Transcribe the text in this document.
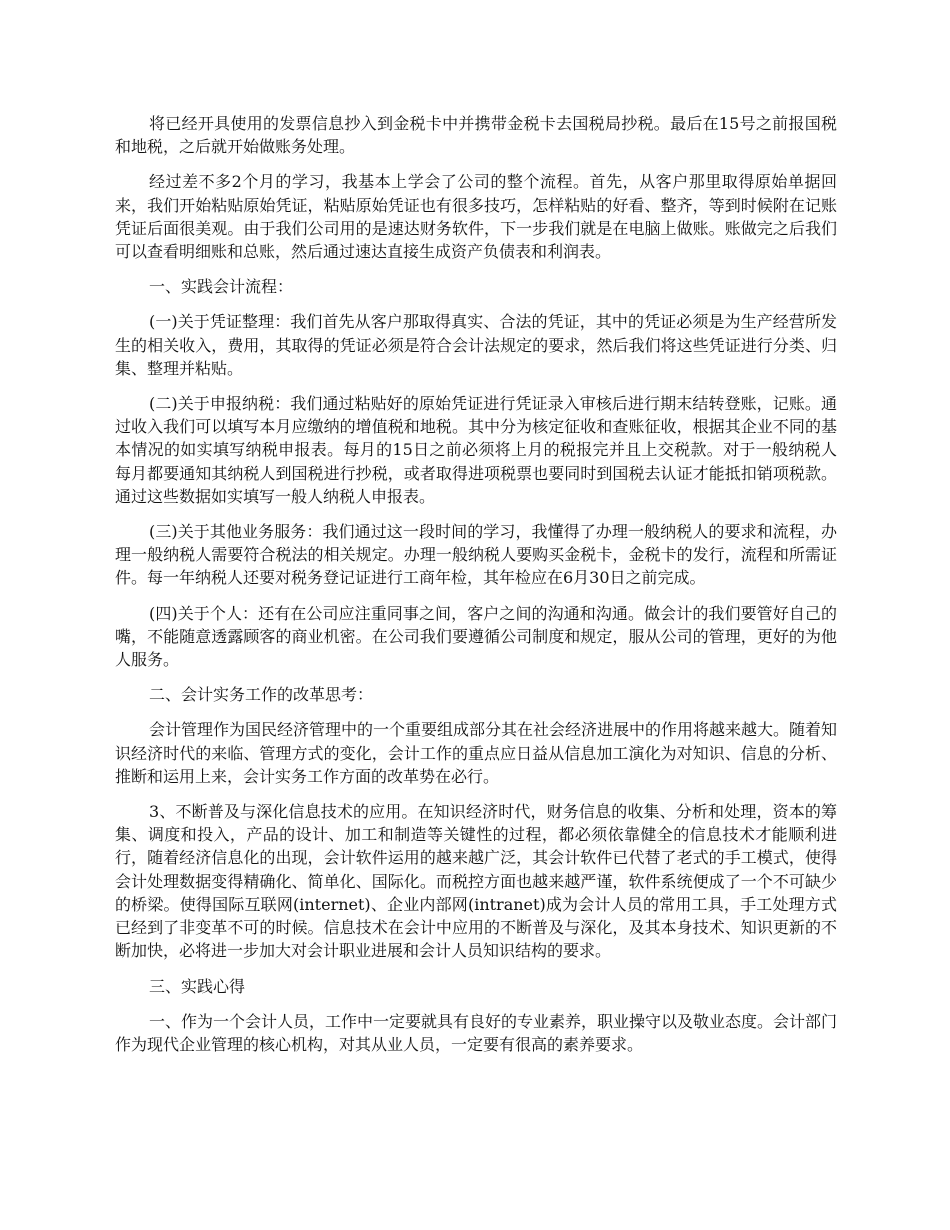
将已经开具使用的发票信息抄入到金税卡中并携带金税卡去国税局抄税。最后在15号之前报国税和地税，之后就开始做账务处理。

经过差不多2个月的学习，我基本上学会了公司的整个流程。首先，从客户那里取得原始单据回来，我们开始粘贴原始凭证，粘贴原始凭证也有很多技巧，怎样粘贴的好看、整齐，等到时候附在记账凭证后面很美观。由于我们公司用的是速达财务软件，下一步我们就是在电脑上做账。账做完之后我们可以查看明细账和总账，然后通过速达直接生成资产负债表和利润表。

一、实践会计流程：

(一)关于凭证整理：我们首先从客户那取得真实、合法的凭证，其中的凭证必须是为生产经营所发生的相关收入，费用，其取得的凭证必须是符合会计法规定的要求，然后我们将这些凭证进行分类、归集、整理并粘贴。

(二)关于申报纳税：我们通过粘贴好的原始凭证进行凭证录入审核后进行期末结转登账，记账。通过收入我们可以填写本月应缴纳的增值税和地税。其中分为核定征收和查账征收，根据其企业不同的基本情况的如实填写纳税申报表。每月的15日之前必须将上月的税报完并且上交税款。对于一般纳税人每月都要通知其纳税人到国税进行抄税，或者取得进项税票也要同时到国税去认证才能抵扣销项税款。通过这些数据如实填写一般人纳税人申报表。

(三)关于其他业务服务：我们通过这一段时间的学习，我懂得了办理一般纳税人的要求和流程，办理一般纳税人需要符合税法的相关规定。办理一般纳税人要购买金税卡，金税卡的发行，流程和所需证件。每一年纳税人还要对税务登记证进行工商年检，其年检应在6月30日之前完成。

(四)关于个人：还有在公司应注重同事之间，客户之间的沟通和沟通。做会计的我们要管好自己的嘴，不能随意透露顾客的商业机密。在公司我们要遵循公司制度和规定，服从公司的管理，更好的为他人服务。

二、会计实务工作的改革思考：

会计管理作为国民经济管理中的一个重要组成部分其在社会经济进展中的作用将越来越大。随着知识经济时代的来临、管理方式的变化，会计工作的重点应日益从信息加工演化为对知识、信息的分析、推断和运用上来，会计实务工作方面的改革势在必行。

3、不断普及与深化信息技术的应用。在知识经济时代，财务信息的收集、分析和处理，资本的筹集、调度和投入，产品的设计、加工和制造等关键性的过程，都必须依靠健全的信息技术才能顺利进行，随着经济信息化的出现，会计软件运用的越来越广泛，其会计软件已代替了老式的手工模式，使得会计处理数据变得精确化、简单化、国际化。而税控方面也越来越严谨，软件系统便成了一个不可缺少的桥梁。使得国际互联网(internet)、企业内部网(intranet)成为会计人员的常用工具，手工处理方式已经到了非变革不可的时候。信息技术在会计中应用的不断普及与深化，及其本身技术、知识更新的不断加快，必将进一步加大对会计职业进展和会计人员知识结构的要求。

三、实践心得

一、作为一个会计人员，工作中一定要就具有良好的专业素养，职业操守以及敬业态度。会计部门作为现代企业管理的核心机构，对其从业人员，一定要有很高的素养要求。
